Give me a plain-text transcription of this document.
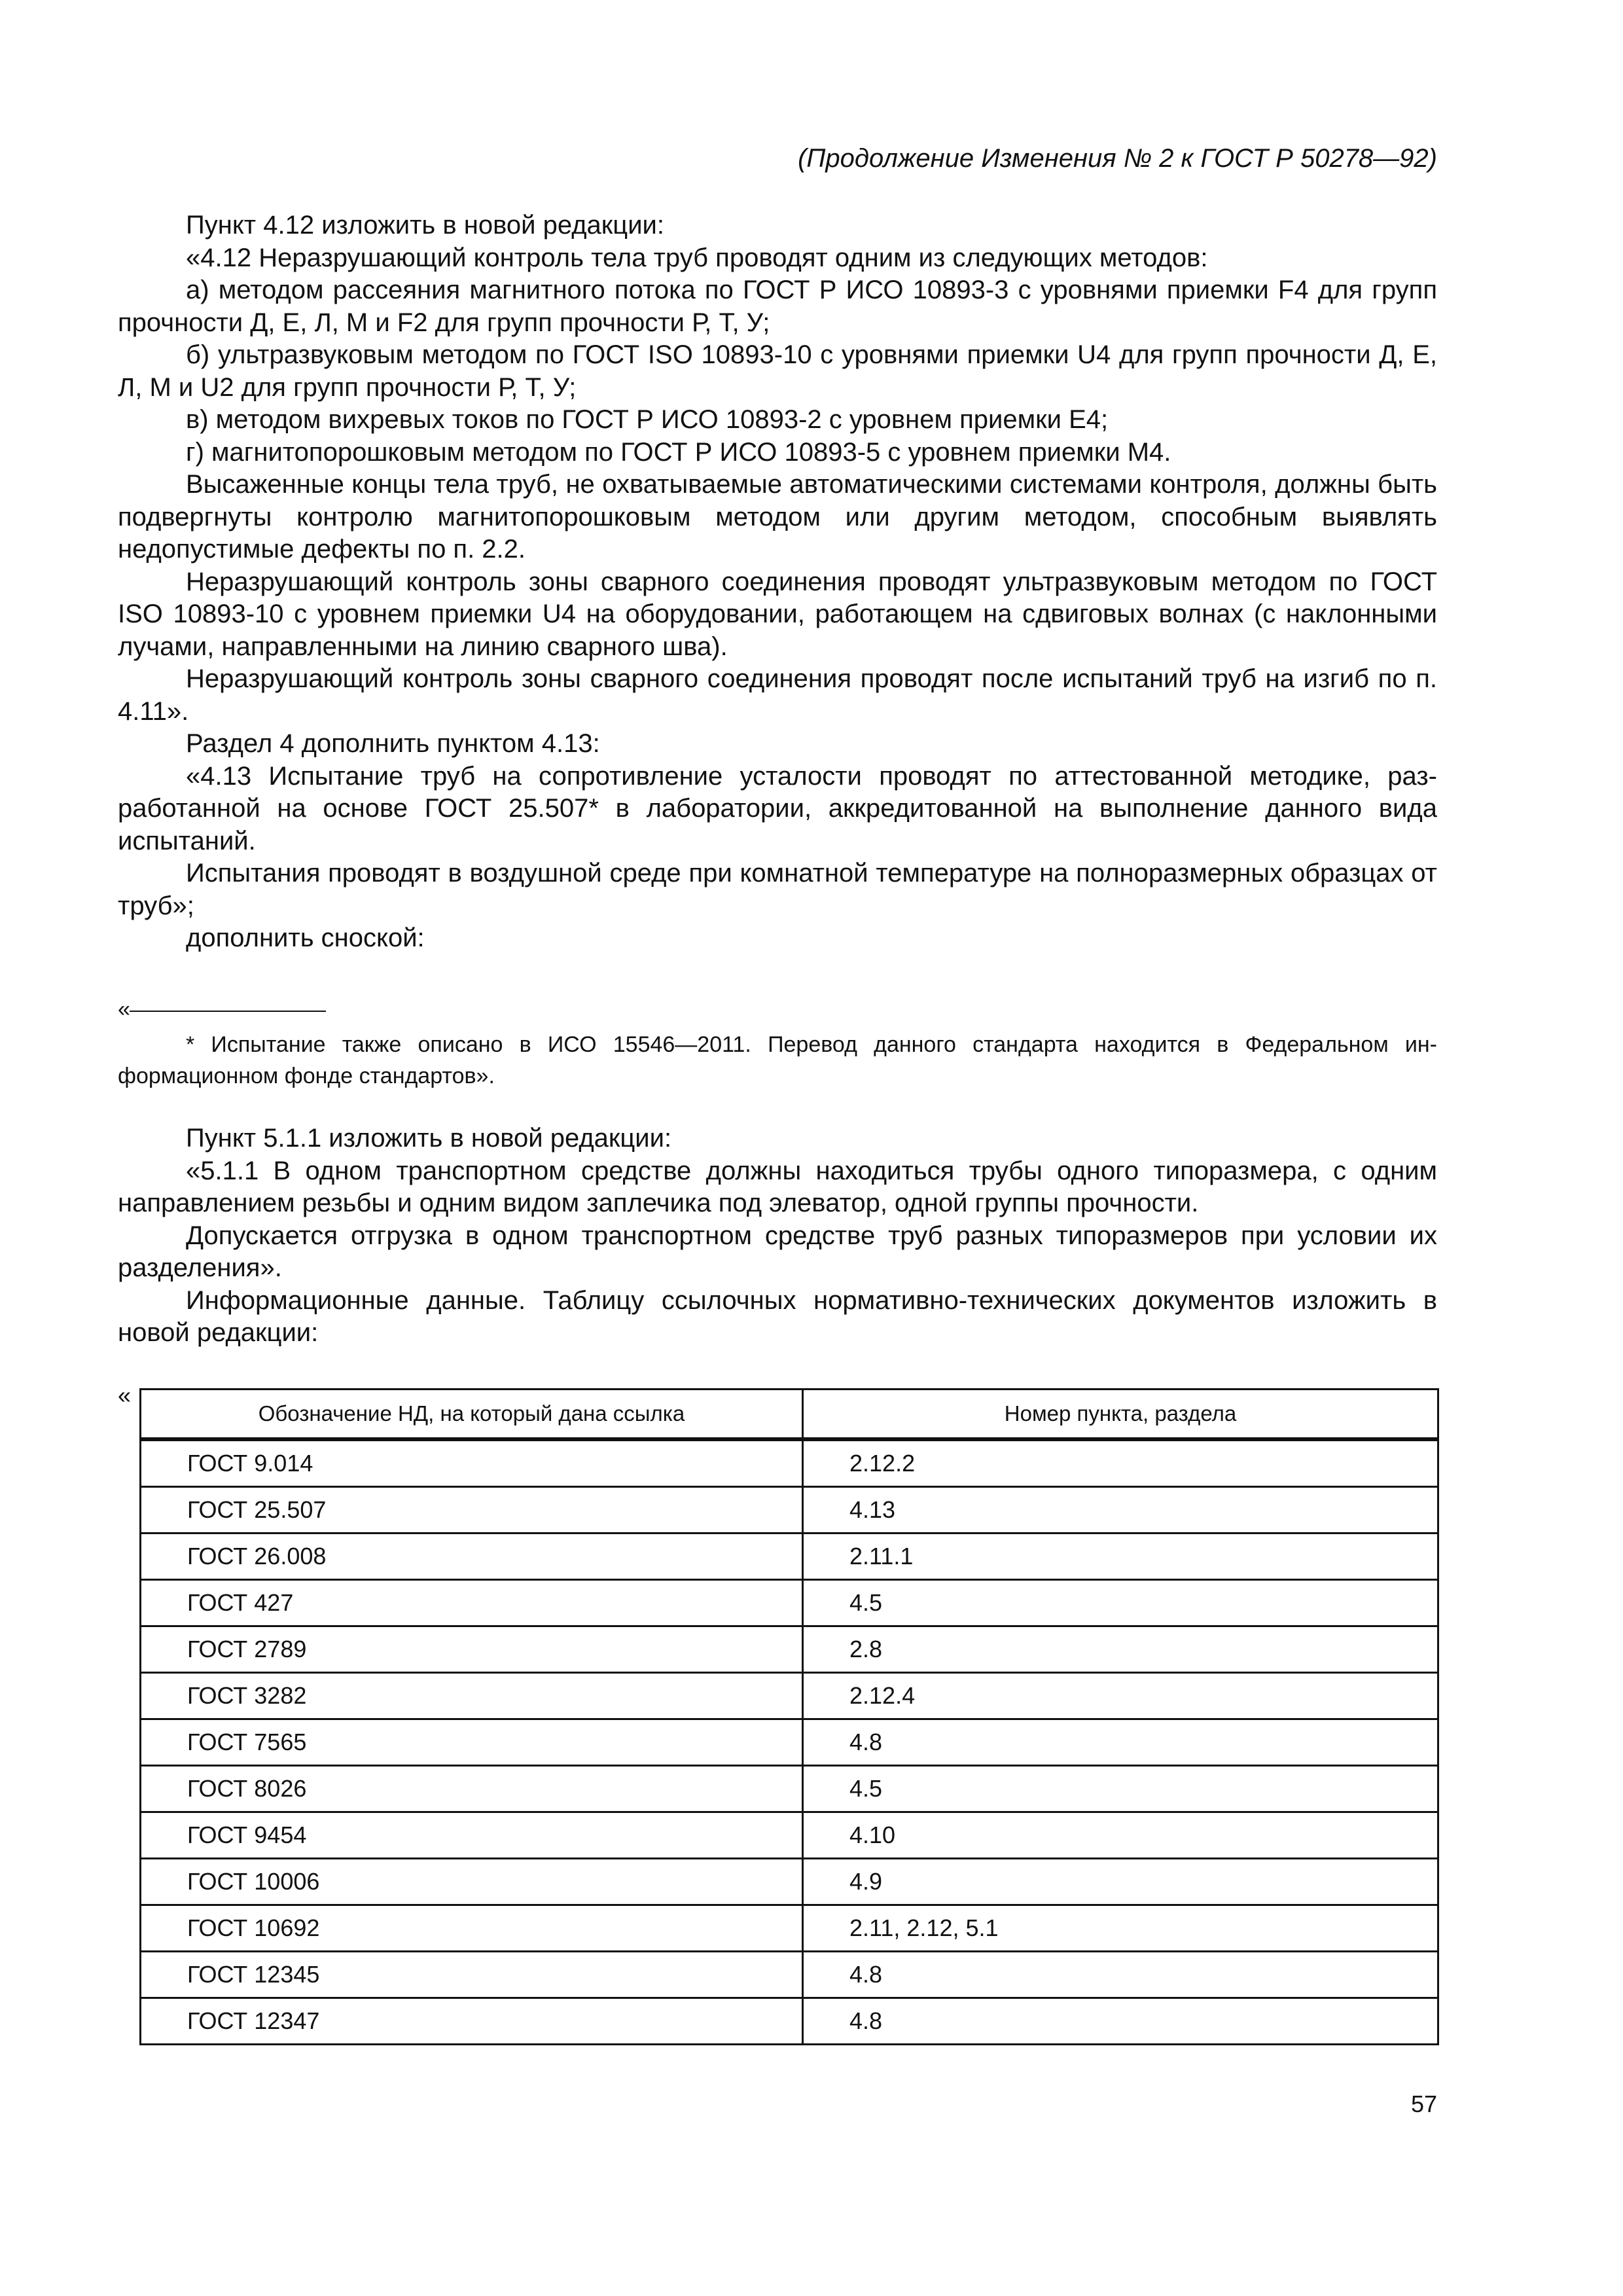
(Продолжение Изменения № 2 к ГОСТ Р 50278—92)

Пункт 4.12 изложить в новой редакции:

«4.12 Неразрушающий контроль тела труб проводят одним из следующих методов:

а) методом рассеяния магнитного потока по ГОСТ Р ИСО 10893-3 с уровнями приемки F4 для групп прочности Д, Е, Л, М и F2 для групп прочности Р, Т, У;

б) ультразвуковым методом по ГОСТ ISO 10893-10 с уровнями приемки U4 для групп прочности Д, Е, Л, М и U2 для групп прочности Р, Т, У;

в) методом вихревых токов по ГОСТ Р ИСО 10893-2 с уровнем приемки Е4;

г) магнитопорошковым методом по ГОСТ Р ИСО 10893-5 с уровнем приемки М4.

Высаженные концы тела труб, не охватываемые автоматическими системами контроля, должны быть подвергнуты контролю магнитопорошковым методом или другим методом, способным выявлять недопустимые дефекты по п. 2.2.

Неразрушающий контроль зоны сварного соединения проводят ультразвуковым методом по ГОСТ ISO 10893-10 с уровнем приемки U4 на оборудовании, работающем на сдвиговых волнах (с наклонными лучами, направленными на линию сварного шва).

Неразрушающий контроль зоны сварного соединения проводят после испытаний труб на изгиб по п. 4.11».

Раздел 4 дополнить пунктом 4.13:

«4.13 Испытание труб на сопротивление усталости проводят по аттестованной методике, разработанной на основе ГОСТ 25.507* в лаборатории, аккредитованной на выполнение данного вида испытаний.

Испытания проводят в воздушной среде при комнатной температуре на полноразмерных образцах от труб»;

дополнить сноской:

«

* Испытание также описано в ИСО 15546—2011. Перевод данного стандарта находится в Федеральном информационном фонде стандартов».

Пункт 5.1.1 изложить в новой редакции:

«5.1.1 В одном транспортном средстве должны находиться трубы одного типоразмера, с одним направлением резьбы и одним видом заплечика под элеватор, одной группы прочности.

Допускается отгрузка в одном транспортном средстве труб разных типоразмеров при условии их разделения».

Информационные данные. Таблицу ссылочных нормативно-технических документов изложить в новой редакции:

«
Обозначение НД, на который дана ссылка	Номер пункта, раздела
ГОСТ 9.014	2.12.2
ГОСТ 25.507	4.13
ГОСТ 26.008	2.11.1
ГОСТ 427	4.5
ГОСТ 2789	2.8
ГОСТ 3282	2.12.4
ГОСТ 7565	4.8
ГОСТ 8026	4.5
ГОСТ 9454	4.10
ГОСТ 10006	4.9
ГОСТ 10692	2.11, 2.12, 5.1
ГОСТ 12345	4.8
ГОСТ 12347	4.8
57
